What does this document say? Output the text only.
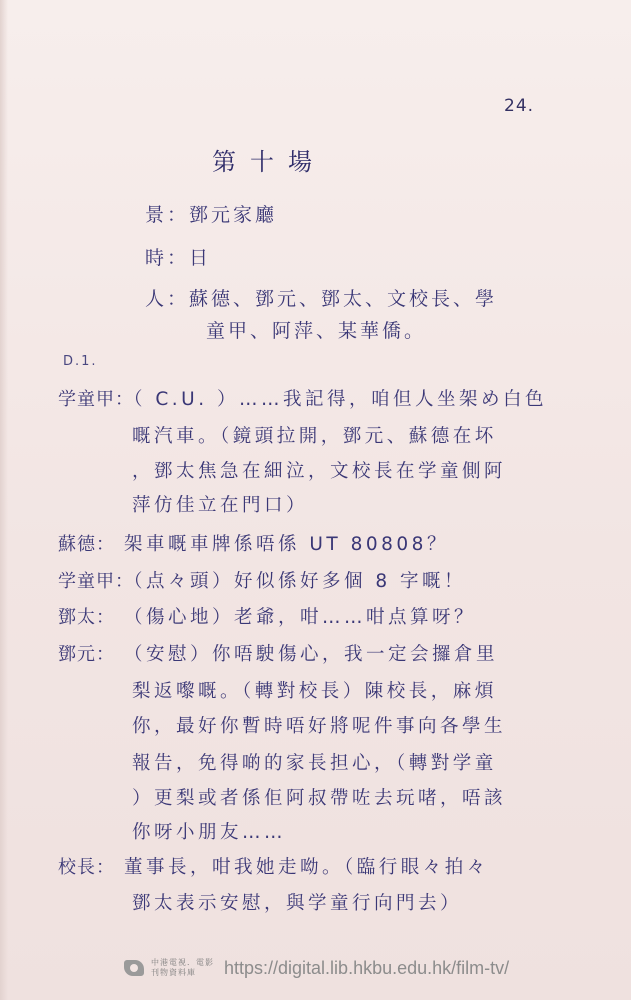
24.
第十場
景：鄧元家廳
時：日
人：蘇德、鄧元、鄧太、文校長、學
童甲、阿萍、某華僑。
D.1.
学童甲：
（ C.U. ）……我記得，咱但人坐架め白色
嘅汽車。（鏡頭拉開，鄧元、蘇德在坏
，鄧太焦急在細泣，文校長在学童側阿
萍仿佳立在門口）
蘇德： 架車嘅車牌係唔係 UT 80808？
学童甲：
（点々頭）好似係好多個 8 字嘅！
鄧太： （傷心地）老爺，咁……咁点算呀？
鄧元： （安慰）你唔駛傷心，我一定会攞倉里
梨返嚟嘅。（轉對校長）陳校長，麻煩
你，最好你暫時唔好將呢件事向各學生
報告，免得啲的家長担心，（轉對学童
）更梨或者係佢阿叔帶咗去玩啫，唔該
你呀小朋友……
校長： 董事長，咁我她走呦。（臨行眼々拍々
鄧太表示安慰，與学童行向門去）
中港電視．電影
刊物資料庫	https://digital.lib.hkbu.edu.hk/film-tv/
